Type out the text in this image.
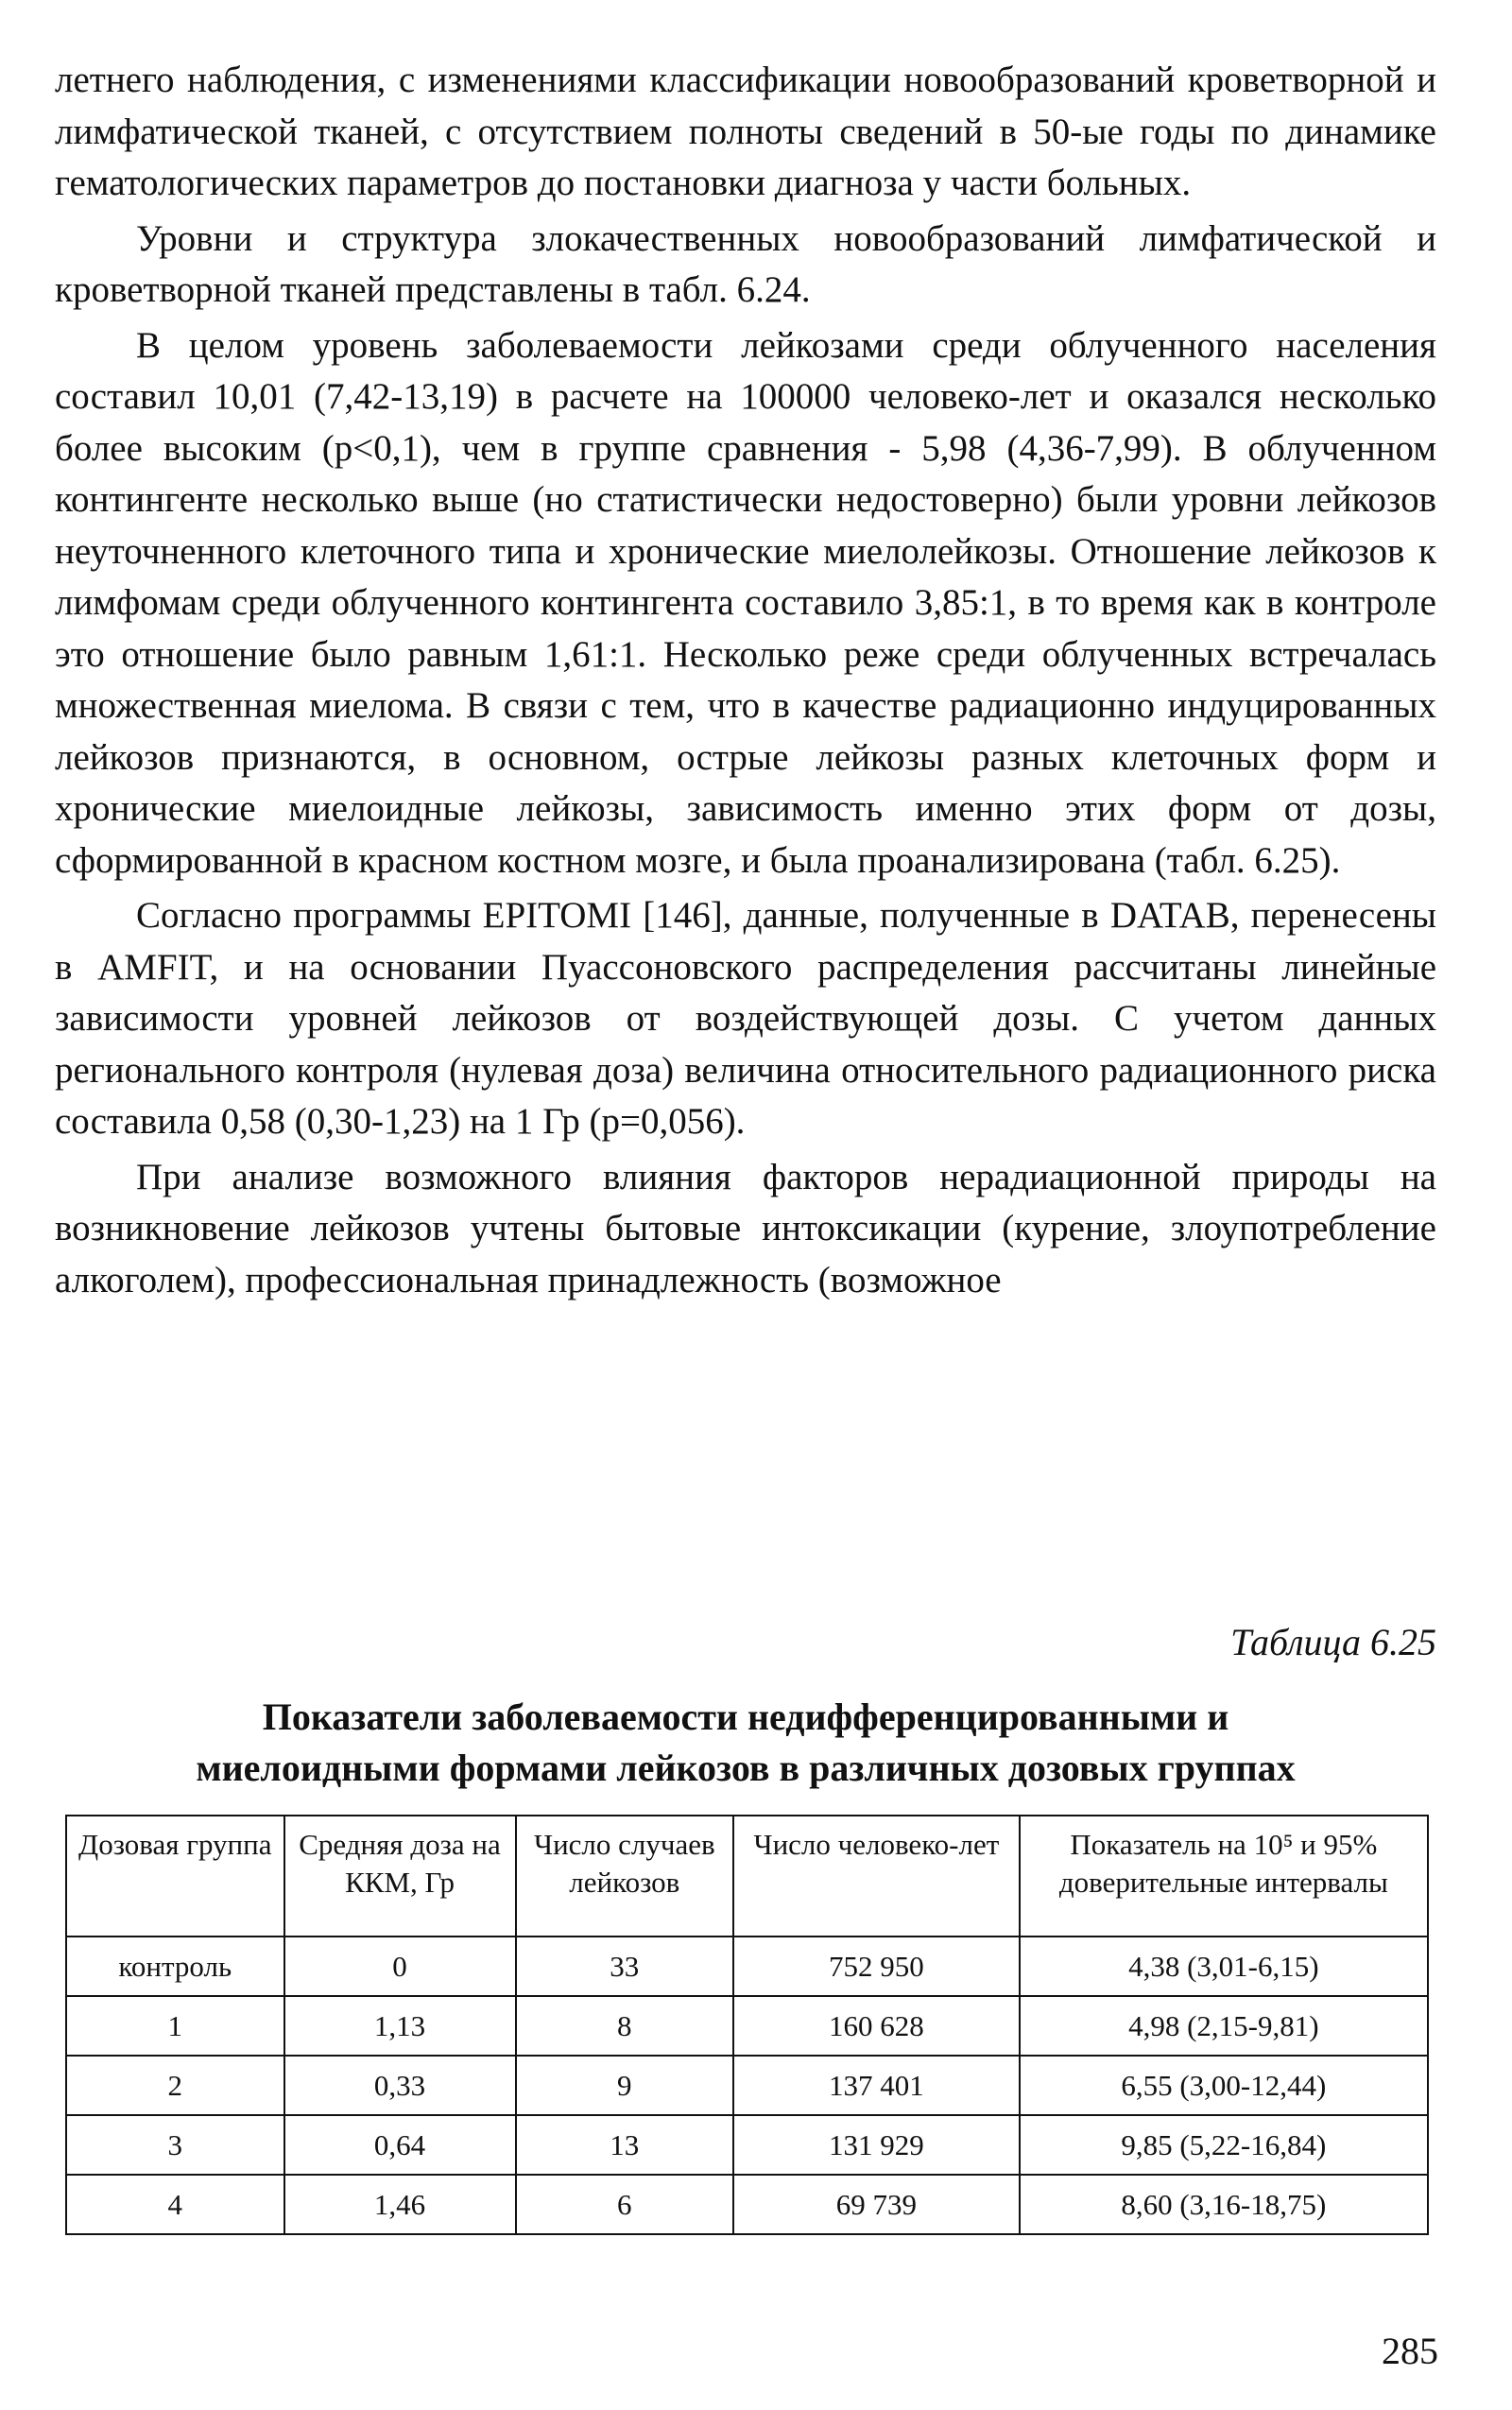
летнего наблюдения, с изменениями классификации новообразований кроветворной и лимфатической тканей, с отсутствием полноты сведений в 50-ые годы по динамике гематологических параметров до постановки диагноза у части больных.

Уровни и структура злокачественных новообразований лимфатической и кроветворной тканей представлены в табл. 6.24.

В целом уровень заболеваемости лейкозами среди облученного населения составил 10,01 (7,42-13,19) в расчете на 100000 человеко-лет и оказался несколько более высоким (p<0,1), чем в группе сравнения - 5,98 (4,36-7,99). В облученном контингенте несколько выше (но статистически недостоверно) были уровни лейкозов неуточненного клеточного типа и хронические миелолейкозы. Отношение лейкозов к лимфомам среди облученного контингента составило 3,85:1, в то время как в контроле это отношение было равным 1,61:1. Несколько реже среди облученных встречалась множественная миелома. В связи с тем, что в качестве радиационно индуцированных лейкозов признаются, в основном, острые лейкозы разных клеточных форм и хронические миелоидные лейкозы, зависимость именно этих форм от дозы, сформированной в красном костном мозге, и была проанализирована (табл. 6.25).

Согласно программы EPITOMI [146], данные, полученные в DATAB, перенесены в AMFIT, и на основании Пуассоновского распределения рассчитаны линейные зависимости уровней лейкозов от воздействующей дозы. С учетом данных регионального контроля (нулевая доза) величина относительного радиационного риска составила 0,58 (0,30-1,23) на 1 Гр (p=0,056).

При анализе возможного влияния факторов нерадиационной природы на возникновение лейкозов учтены бытовые интоксикации (курение, злоупотребление алкоголем), профессиональная принадлежность (возможное

Таблица 6.25
Показатели заболеваемости недифференцированными и
миелоидными формами лейкозов в различных дозовых группах
Дозовая группа	Средняя доза на ККМ, Гр	Число случаев лейкозов	Число человеко-лет	Показатель на 10⁵ и 95% доверительные интервалы
контроль	0	33	752 950	4,38 (3,01-6,15)
1	1,13	8	160 628	4,98 (2,15-9,81)
2	0,33	9	137 401	6,55 (3,00-12,44)
3	0,64	13	131 929	9,85 (5,22-16,84)
4	1,46	6	69 739	8,60 (3,16-18,75)
285
